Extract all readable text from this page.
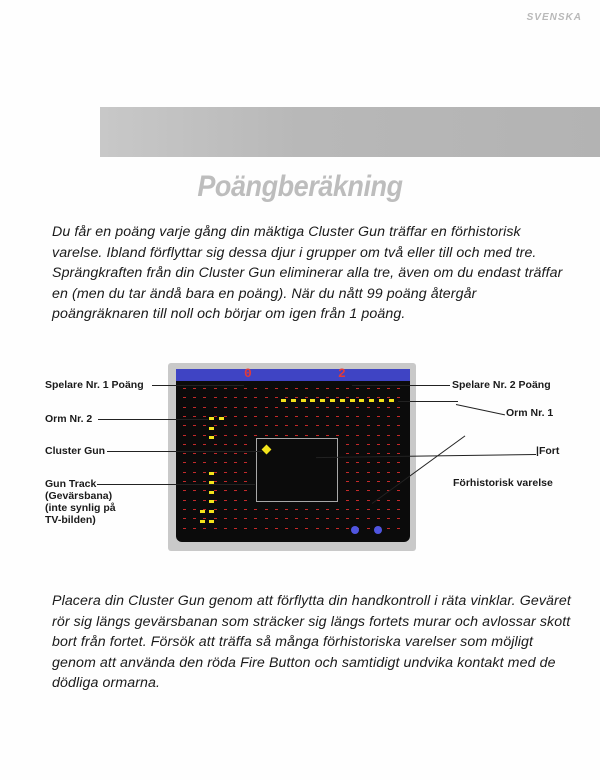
SVENSKA
Poängberäkning

Du får en poäng varje gång din mäktiga Cluster Gun träffar en förhistorisk varelse. Ibland förflyttar sig dessa djur i grupper om två eller till och med tre. Sprängkraften från din Cluster Gun eliminerar alla tre, även om du endast träffar en (men du tar ändå bara en poäng). När du nått 99 poäng återgår poängräknaren till noll och börjar om igen från 1 poäng.

0	2
Spelare Nr. 1 Poäng	Spelare Nr. 2 Poäng
Orm Nr. 2	Orm Nr. 1
Cluster Gun	|Fort
Förhistorisk varelse
Gun Track
(Gevärsbana)
(inte synlig på
TV-bilden)

Placera din Cluster Gun genom att förflytta din handkontroll i räta vinklar. Geväret rör sig längs gevärsbanan som sträcker sig längs fortets murar och avlossar skott bort från fortet. Försök att träffa så många förhistoriska varelser som möjligt genom att använda den röda Fire Button och samtidigt undvika kontakt med de dödliga ormarna.
